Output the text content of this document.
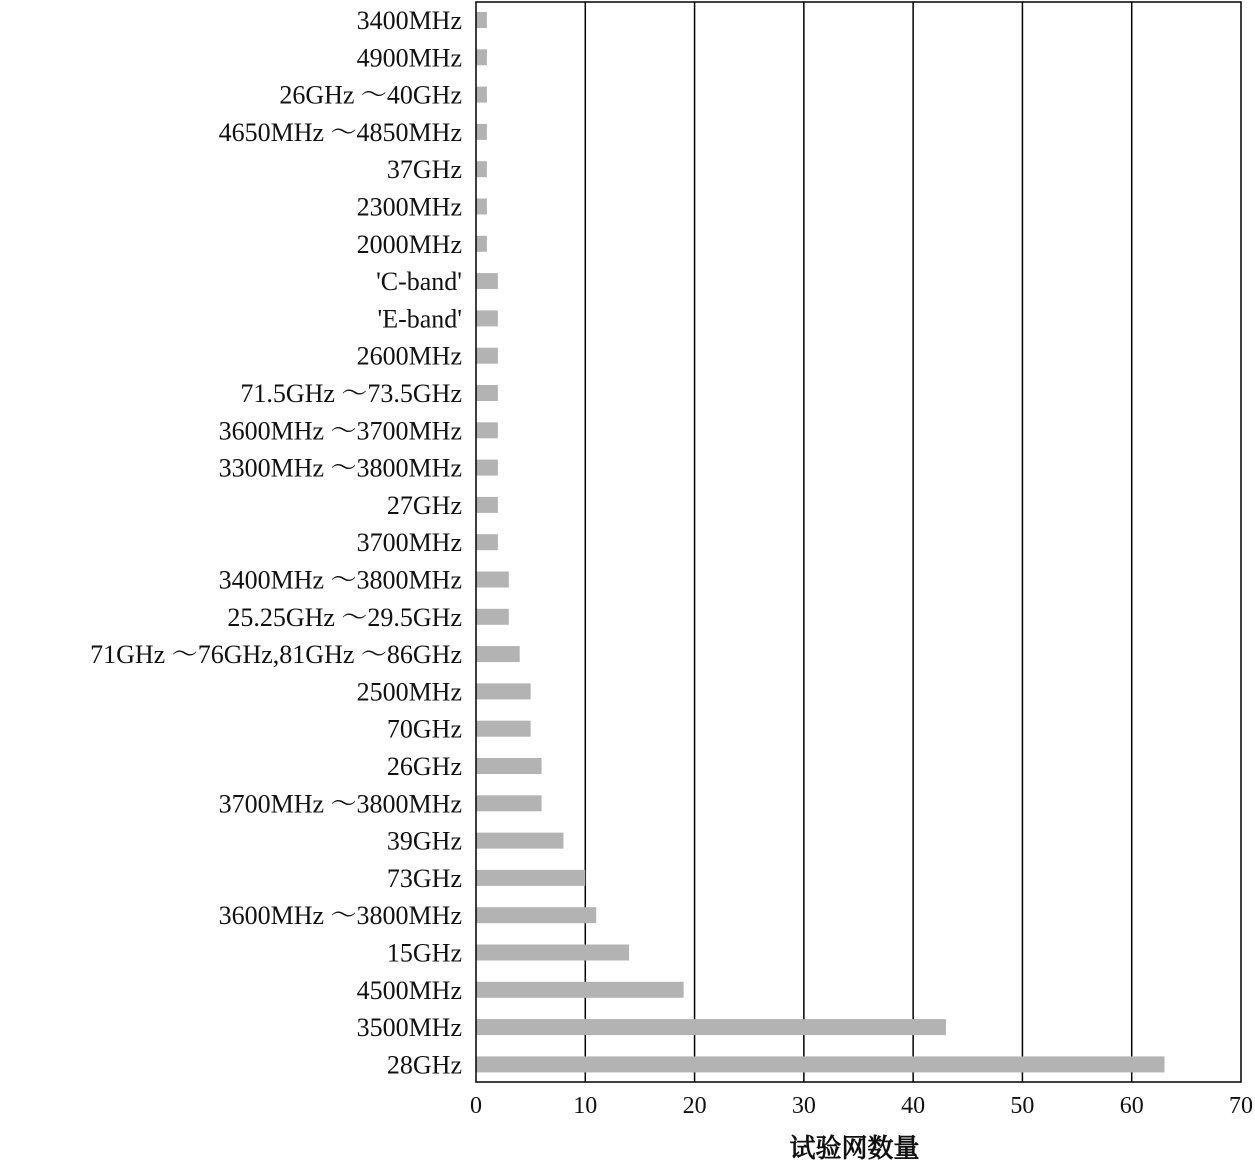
3400MHz
4900MHz
26GHz ～40GHz
4650MHz ～4850MHz
37GHz
2300MHz
2000MHz
'C-band'
'E-band'
2600MHz
71.5GHz ～73.5GHz
3600MHz ～3700MHz
3300MHz ～3800MHz
27GHz
3700MHz
3400MHz ～3800MHz
25.25GHz ～29.5GHz
71GHz ～76GHz,81GHz ～86GHz
2500MHz
70GHz
26GHz
3700MHz ～3800MHz
39GHz
73GHz
3600MHz ～3800MHz
15GHz
4500MHz
3500MHz
28GHz
0	10	20	30	40	50	60	70
试验网数量
